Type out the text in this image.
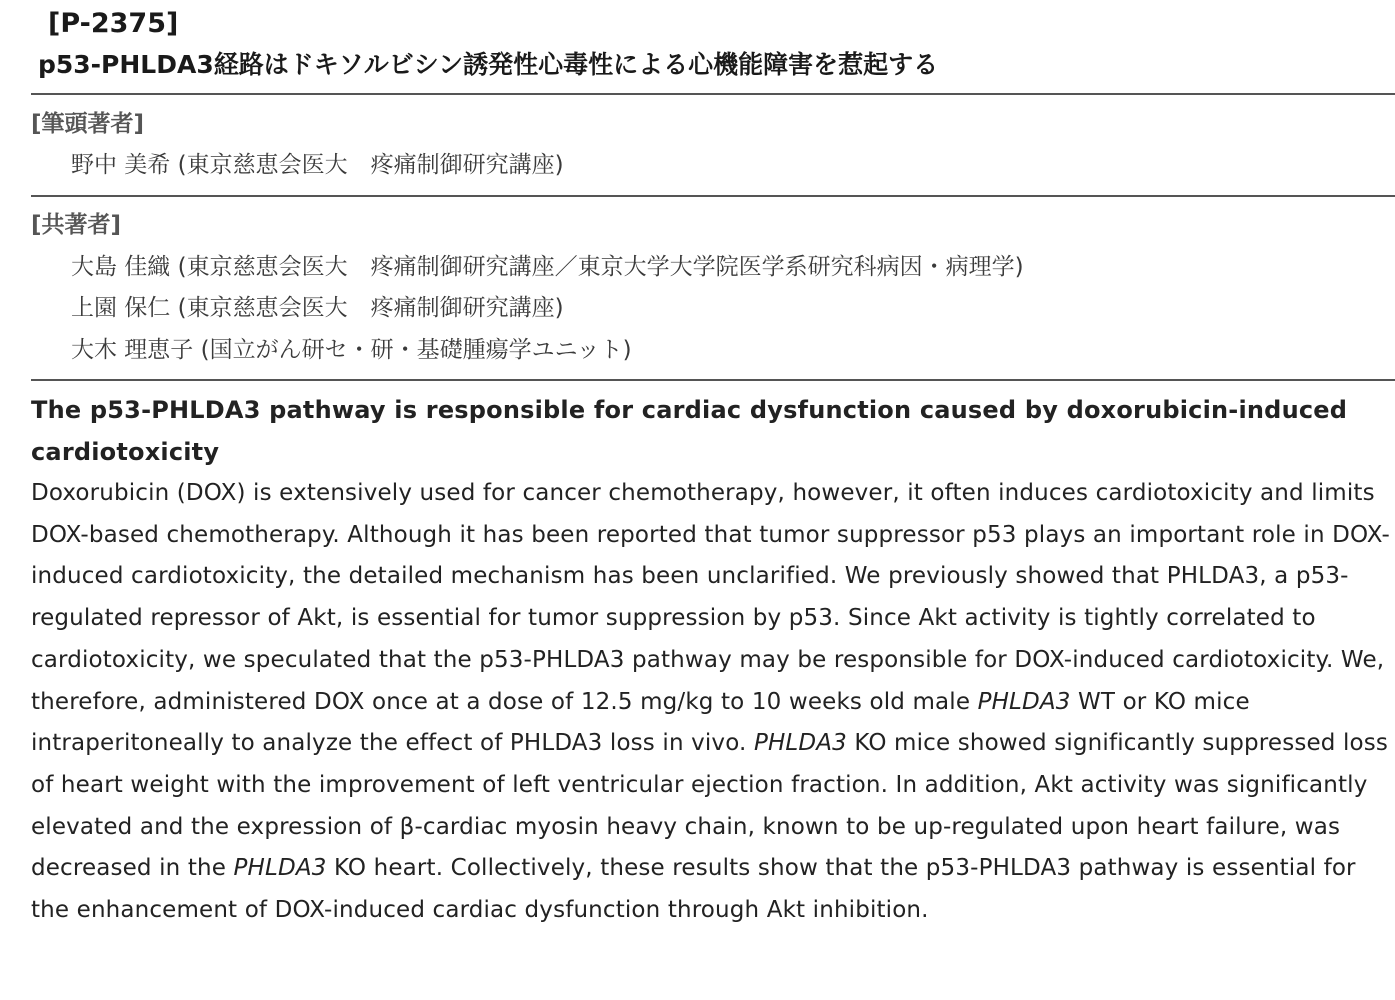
[P-2375]
p53-PHLDA3経路はドキソルビシン誘発性心毒性による心機能障害を惹起する
[筆頭著者]
野中 美希 (東京慈恵会医大　疼痛制御研究講座)
[共著者]
大島 佳織 (東京慈恵会医大　疼痛制御研究講座／東京大学大学院医学系研究科病因・病理学)
上園 保仁 (東京慈恵会医大　疼痛制御研究講座)
大木 理恵子 (国立がん研セ・研・基礎腫瘍学ユニット)
The p53-PHLDA3 pathway is responsible for cardiac dysfunction caused by doxorubicin-induced cardiotoxicity
Doxorubicin (DOX) is extensively used for cancer chemotherapy, however, it often induces cardiotoxicity and limits DOX-based chemotherapy. Although it has been reported that tumor suppressor p53 plays an important role in DOX-induced cardiotoxicity, the detailed mechanism has been unclarified. We previously showed that PHLDA3, a p53-regulated repressor of Akt, is essential for tumor suppression by p53. Since Akt activity is tightly correlated to cardiotoxicity, we speculated that the p53-PHLDA3 pathway may be responsible for DOX-induced cardiotoxicity. We, therefore, administered DOX once at a dose of 12.5 mg/kg to 10 weeks old male PHLDA3 WT or KO mice intraperitoneally to analyze the effect of PHLDA3 loss in vivo. PHLDA3 KO mice showed significantly suppressed loss of heart weight with the improvement of left ventricular ejection fraction. In addition, Akt activity was significantly elevated and the expression of β-cardiac myosin heavy chain, known to be up-regulated upon heart failure, was decreased in the PHLDA3 KO heart. Collectively, these results show that the p53-PHLDA3 pathway is essential for the enhancement of DOX-induced cardiac dysfunction through Akt inhibition.
